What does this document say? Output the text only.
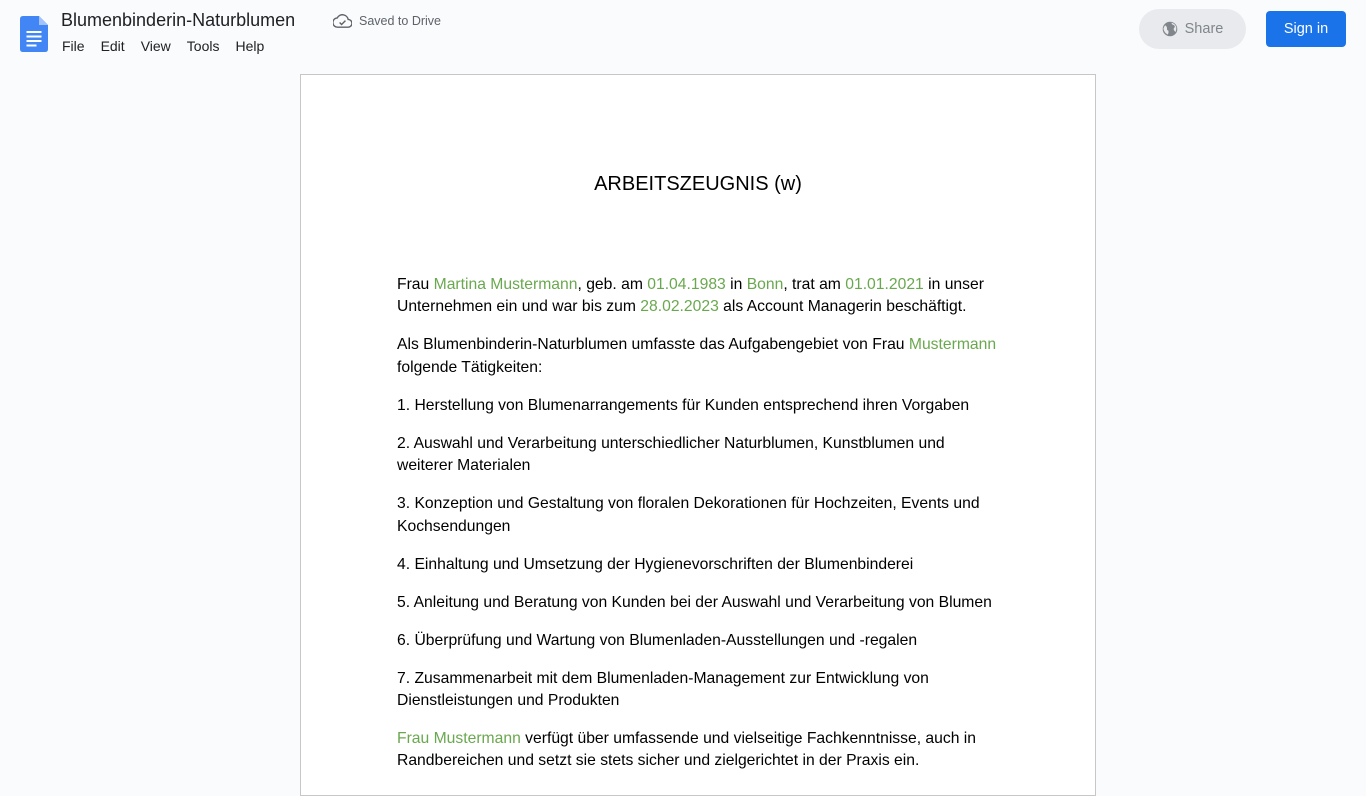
Blumenbinderin-Naturblumen	Saved to Drive
File	Edit	View	Tools	Help
Share	Sign in
ARBEITSZEUGNIS (w)

Frau Martina Mustermann, geb. am 01.04.1983 in Bonn, trat am 01.01.2021 in unser Unternehmen ein und war bis zum 28.02.2023 als Account Managerin beschäftigt.

Als Blumenbinderin-Naturblumen umfasste das Aufgabengebiet von Frau Mustermann folgende Tätigkeiten:

1. Herstellung von Blumenarrangements für Kunden entsprechend ihren Vorgaben

2. Auswahl und Verarbeitung unterschiedlicher Naturblumen, Kunstblumen und weiterer Materialen

3. Konzeption und Gestaltung von floralen Dekorationen für Hochzeiten, Events und Kochsendungen

4. Einhaltung und Umsetzung der Hygienevorschriften der Blumenbinderei

5. Anleitung und Beratung von Kunden bei der Auswahl und Verarbeitung von Blumen

6. Überprüfung und Wartung von Blumenladen-Ausstellungen und -regalen

7. Zusammenarbeit mit dem Blumenladen-Management zur Entwicklung von Dienstleistungen und Produkten

Frau Mustermann verfügt über umfassende und vielseitige Fachkenntnisse, auch in Randbereichen und setzt sie stets sicher und zielgerichtet in der Praxis ein.
